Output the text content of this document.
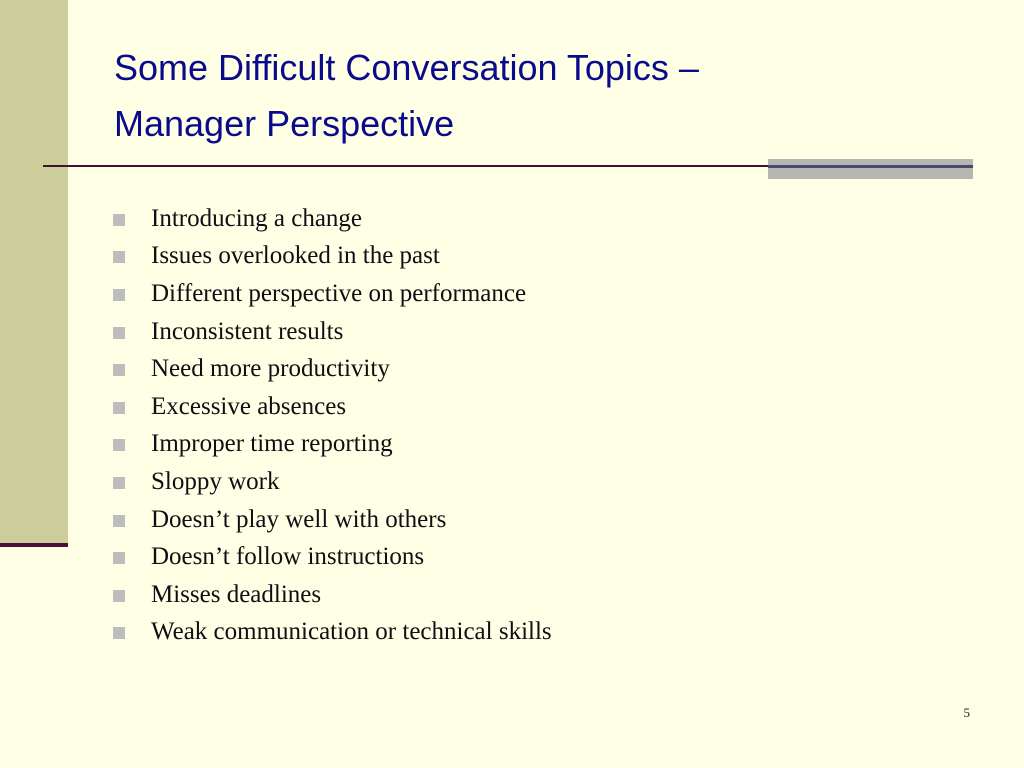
Some Difficult Conversation Topics –
Manager Perspective
Introducing a change
Issues overlooked in the past
Different perspective on performance
Inconsistent results
Need more productivity
Excessive absences
Improper time reporting
Sloppy work
Doesn’t play well with others
Doesn’t follow instructions
Misses deadlines
Weak communication or technical skills
5
